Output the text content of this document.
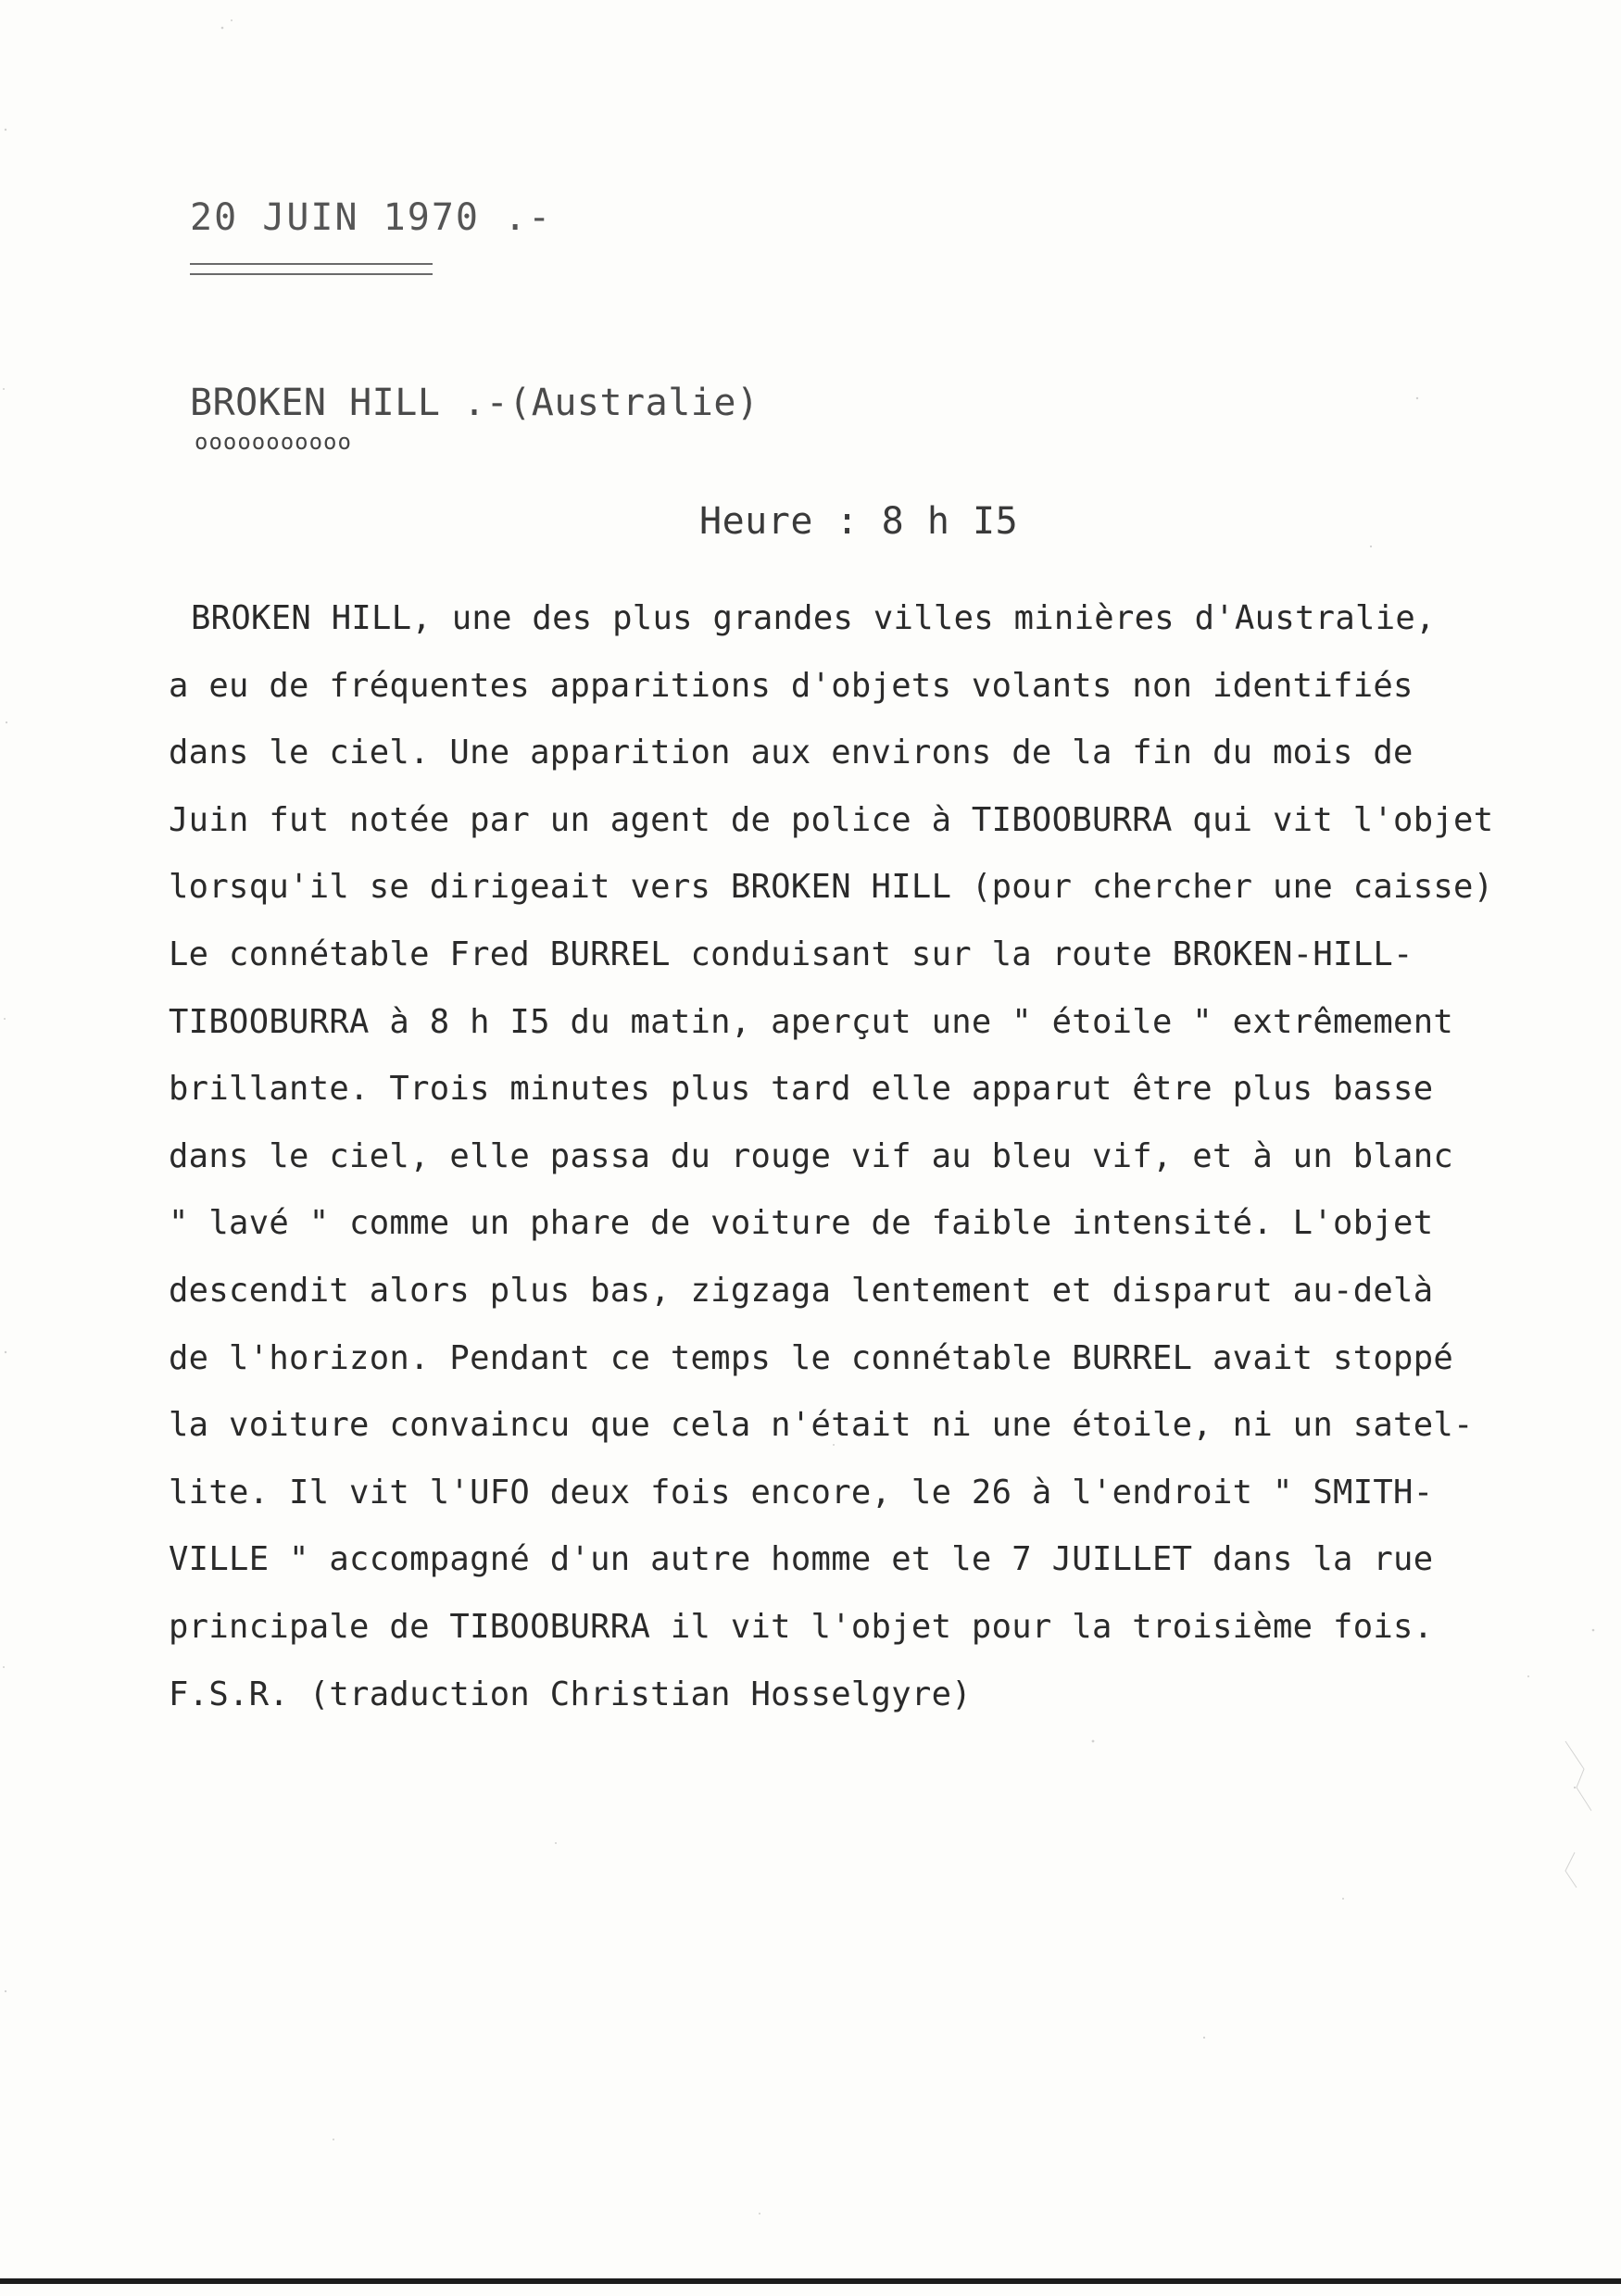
20 JUIN 1970 .-
BROKEN HILL .-(Australie)
ooooooooooo
Heure : 8 h I5
BROKEN HILL, une des plus grandes villes minières d'Australie,
a eu de fréquentes apparitions d'objets volants non identifiés
dans le ciel. Une apparition aux environs de la fin du mois de
Juin fut notée par un agent de police à TIBOOBURRA qui vit l'objet
lorsqu'il se dirigeait vers BROKEN HILL (pour chercher une caisse)
Le connétable Fred BURREL conduisant sur la route BROKEN-HILL-
TIBOOBURRA à 8 h I5 du matin, aperçut une " étoile " extrêmement
brillante. Trois minutes plus tard elle apparut être plus basse
dans le ciel, elle passa du rouge vif au bleu vif, et à un blanc
" lavé " comme un phare de voiture de faible intensité. L'objet
descendit alors plus bas, zigzaga lentement et disparut au-delà
de l'horizon. Pendant ce temps le connétable BURREL avait stoppé
la voiture convaincu que cela n'était ni une étoile, ni un satel-
lite. Il vit l'UFO deux fois encore, le 26 à l'endroit " SMITH-
VILLE " accompagné d'un autre homme et le 7 JUILLET dans la rue
principale de TIBOOBURRA il vit l'objet pour la troisième fois.
F.S.R. (traduction Christian Hosselgyre)
